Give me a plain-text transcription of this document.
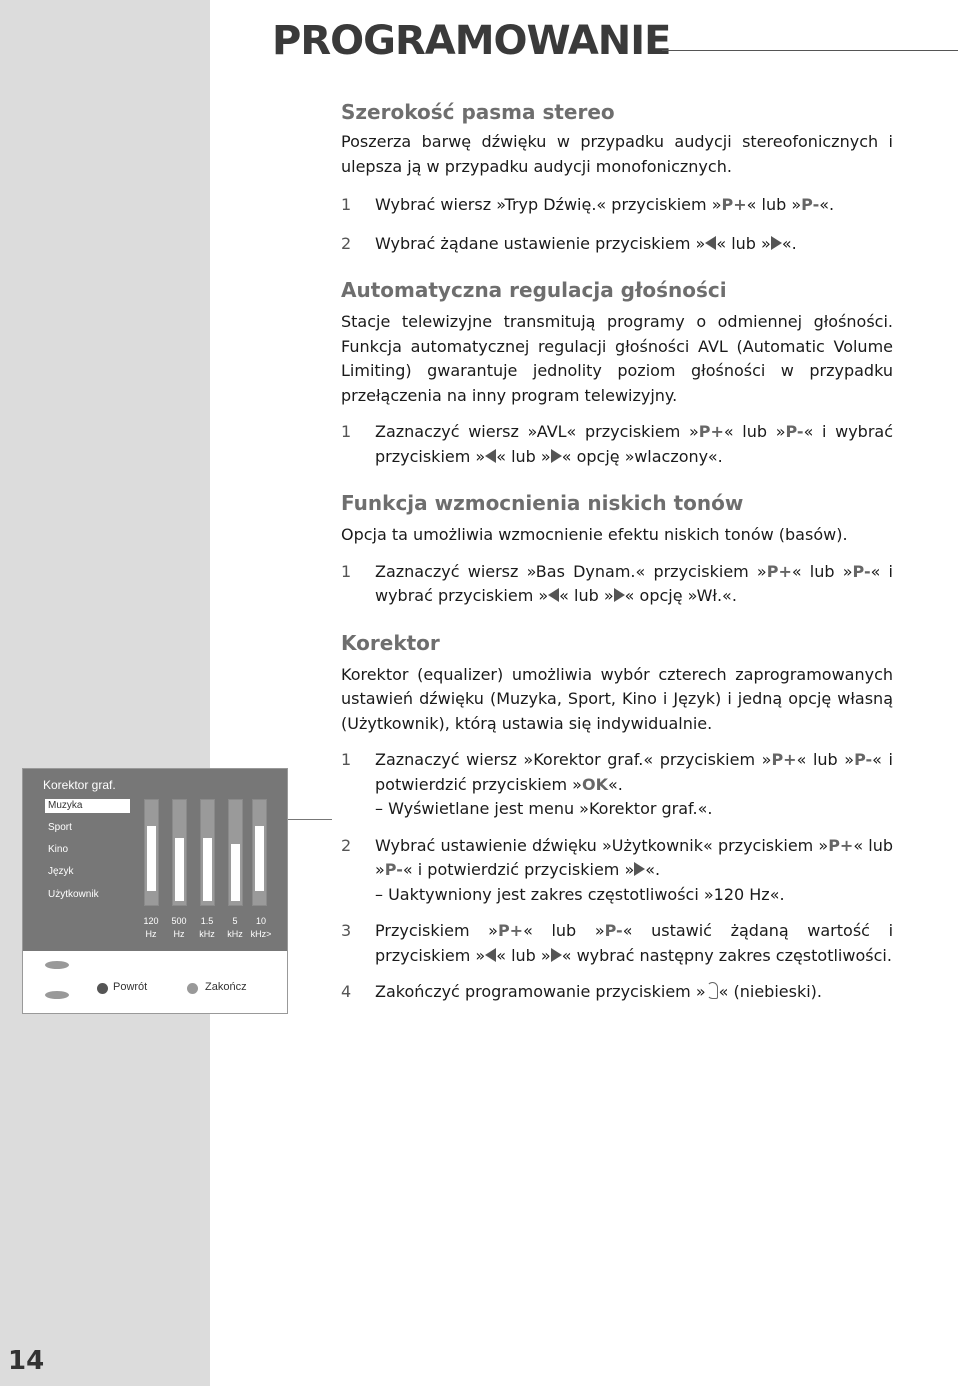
PROGRAMOWANIE
Szerokość pasma stereo

Poszerza barwę dźwięku w przypadku audycji stereofonicznych i ulepsza ją w przypadku audycji monofonicznych.

1	Wybrać wiersz »Tryp Dźwię.« przyciskiem »P+« lub »P-«.
2	Wybrać żądane ustawienie przyciskiem » « lub » «.
Automatyczna regulacja głośności

Stacje telewizyjne transmitują programy o odmiennej głośności. Funkcja automatycznej regulacji głośności AVL (Automatic Volume Limiting) gwarantuje jednolity poziom głośności w przypadku przełączenia na inny program telewizyjny.

1	Zaznaczyć wiersz »AVL« przyciskiem »P+« lub »P-« i wybrać przyciskiem » « lub » « opcję »wlaczony«.
Funkcja wzmocnienia niskich tonów

Opcja ta umożliwia wzmocnienie efektu niskich tonów (basów).

1	Zaznaczyć wiersz »Bas Dynam.« przyciskiem »P+« lub »P-« i wybrać przyciskiem » « lub » « opcję »Wł.«.
Korektor

Korektor (equalizer) umożliwia wybór czterech zaprogramowanych ustawień dźwięku (Muzyka, Sport, Kino i Język) i jedną opcję własną (Użytkownik), którą ustawia się indywidualnie.

1	Zaznaczyć wiersz »Korektor graf.« przyciskiem »P+« lub »P-« i potwierdzić przyciskiem »OK«.
– Wyświetlane jest menu »Korektor graf.«.
2	Wybrać ustawienie dźwięku »Użytkownik« przyciskiem »P+« lub »P-« i potwierdzić przyciskiem » «.
– Uaktywniony jest zakres częstotliwości »120 Hz«.
3	Przyciskiem »P+« lub »P-« ustawić żądaną wartość i przyciskiem » « lub » « wybrać następny zakres częstotliwości.
4	Zakończyć programowanie przyciskiem » « (niebieski).
Korektor graf.
Muzyka
Sport
Kino
Język
Użytkownik
120
Hz
500
Hz
1.5
kHz
5
kHz
10
kHz>
Powrót	Zakończ
14
